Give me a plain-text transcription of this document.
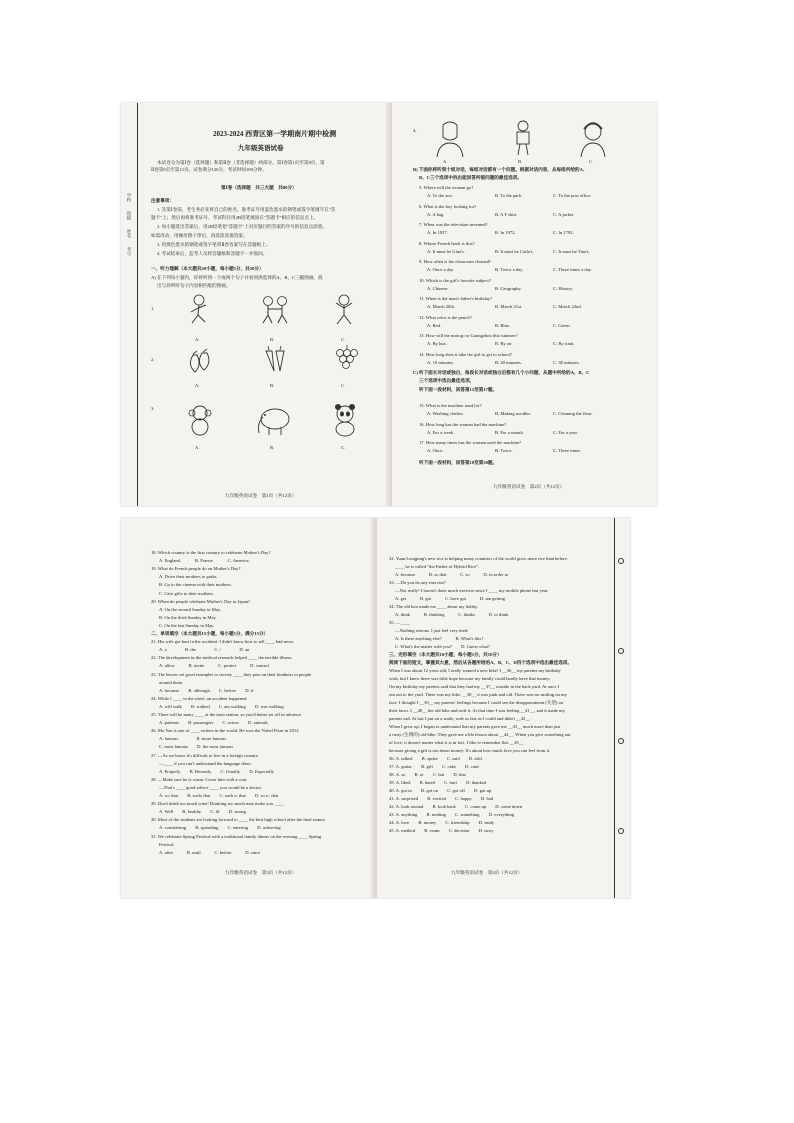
学校　　班级　　姓名　　考号
2023-2024 西青区第一学期南片期中检测
九年级英语试卷
本试卷分为第Ⅰ卷（选择题）和第Ⅱ卷（非选择题）两部分。第Ⅰ卷第1页至第8页，第
Ⅱ卷第9页至第12页。试卷满分120分。考试时间100分钟。
第Ⅰ卷（选择题　共三大题　共80分）
注意事项：
1. 答第Ⅰ卷前，考生务必先将自己的姓名、准考证号用蓝色墨水的钢笔或签字笔填写在"答
题卡"上；然后再将准考证号、考试科目用2B铅笔填涂在"答题卡"相应的信息点上。
2. 每小题选出答案后，用2B铅笔把"答题卡"上对应题目的答案的序号的信息点涂黑。
如需改动，用橡皮擦干净后，再选涂其他答案。
3. 用黑色墨水的钢笔或签字笔将Ⅱ卷答案写在答题纸上。
4. 考试结束后，监考人员将答题纸和答题卡一并收回。
一、听力理解（本大题共20小题，每小题1分，共20分）
A) 在下列每小题内，你将听到一个或两个句子并看到供选择的A、B、C三幅图画。找
出与你所听句子内容相匹配的图画。
1.
A.	B.	C.
2.
A.	B.	C.
3.
A.	B.	C.
九年级英语试卷　第1页（共12页）
4.
A.	B.	C.
B) 下面你将听到十组对话，每组对话都有一个问题。根据对话内容，从每组所给的A、
B、C三个选项中找出能回答所提问题的最佳选项。
5. Where will the woman go?
A. To the zoo.	B. To the park.	C. To the post office.
6. What is the boy looking for?
A. A bag.	B. A T-shirt.	C. A jacket.
7. When was the television invented?
A. In 1927.	B. In 1972.	C. In 1792.
8. Whose French book is this?
A. It must be Gina's.	B. It must be Carla's.	C. It must be Tina's.
9. How often is the classroom cleaned?
A. Once a day.	B. Twice a day.	C. Three times a day.
10. Which is the girl's favorite subject?
A. Chinese.	B. Geography.	C. History.
11. When is the man's father's birthday?
A. March 20th.	B. March 21st.	C. March 22nd.
12. What color is the pencil?
A. Red.	B. Blue.	C. Green.
13. How will the man go to Guangzhou this summer?
A. By bus.	B. By air.	C. By train.
14. How long does it take the girl to get to school?
A. 10 minutes.	B. 20 minutes.	C. 30 minutes.
C) 听下面长对话或独白，每段长对话或独白后都有几个小问题，从题中所给的A、B、C
三个选项中选出最佳选项。
听下面一段材料，回答第15至第17题。
15. What is the machine used for?
A. Washing clothes.	B. Making noodles.	C. Cleaning the floor.
16. How long has the woman had the machine?
A. For a week.	B. For a month.	C. For a year.
17. How many times has the woman used the machine?
A. Once.	B. Twice.	C. Three times.
听下面一段材料，回答第18至第20题。
九年级英语试卷　第2页（共12页）
18. Which country is the first country to celebrate Mother's Day?
A. England.　　　B. France.　　　C. America.
19. What do French people do on Mother's Day?
A. Drive their mothers to parks.
B. Go to the cinema with their mothers.
C. Give gifts to their mothers.
20. When do people celebrate Mother's Day in Japan?
A. On the second Sunday in May.
B. On the third Sunday in May.
C. On the last Sunday in May.
二、单项填空（本大题共15小题，每小题1分，满分15分）
21. His wife got hurt in the accident. I didn't know how to tell ____ bad news.
A. a　　　　B. the　　　　C. /　　　　D. an
22. The development in the medical research helped ____ the terrible illness.
A. allow　　　B. invite　　　C. protect　　　D. control
23. The heroes set good examples to society ____ they pass on their kindness to people
around them.
A. because　　B. although　　C. before　　D. if
24. While I ____ in the street, an accident happened.
A. will walk　　B. walked　　C. am walking　　D. was walking
25. There will be many ____ at the train station, so you'd better set off in advance.
A. patients　　B. passengers　　C. actors　　D. animals
26. Mo Yan is one of ____ writers in the world. He won the Nobel Prize in 2012.
A. famous　　　　B. more famous
C. most famous　　D. the most famous
27. —As we know it's difficult to live in a foreign country.
—____ if you can't understand the language there.
A. Properly　　B. Recently　　C. Usually　　D. Especially
28. —Make sure he is warm. Cover him with a coat.
—That's ____ good advice ____ you would be a doctor.
A. so; that　　B. such; that　　C. such a; that　　D. so a ; that
29. Don't drink too much wine! Drinking too much may make you ____.
A. Well　　B. healthy　　C. ill　　D. strong
30. Most of the students are looking forward to ____ the best high school after the final exams.
A. considering　　B. spreading　　C. entering　　D. achieving
31. We celebrate Spring Festival with a traditional family dinner on the evening ____ Spring
Festival.
A. after　　　B. until　　　C. before　　　D. since
32. Yuan Longping's new rice is helping many countries of the world grow more rice than before.
____ he is called "the Father of Hybrid Rice".
A. because　　　B. so that　　　C. so　　　D. in order to
33. —Do you do any exercise?
—Not really! I haven't done much exercise since I ____ my mobile phone last year.
A. get　　　B. got　　　C. have got　　　D. am getting
34. The old box made me ____ about my hobby.
A. think　　　B. thinking　　　C. thinks　　　D. to think
35. —____
—Nothing serious. I just feel very tired.
A. Is there anything else?　　　B. What's this?
C. What's the matter with you?　　D. Guess what?
三、完形填空（本大题共10小题，每小题1分，共10分）
阅读下面的短文，掌握其大意，然后从各题所给的A、B、C、D四个选项中选出最佳选项。
When I was about 12 years old, I really wanted a new bike! I __36__ my parents my birthday
wish, but I knew there was little hope because my family could hardly have that money.
On my birthday my parents said that they had my __37__ outside in the back yard. At once I
ran out to the yard. There was my bike, __38__ it was pink and old. There was no smiling on my
face. I thought I __39__ my parents' feelings because I could see the disappointment (失望) on
their faces. I __40__ the old bike and rode it. At that time I was feeling __41__, and it made my
parents sad. At last I put on a smile, rode as fast as I could and didn't __42__.
When I grew up, I began to understand that my parents gave me __43__ much more than just
a rusty (生锈的) old bike. They gave me a life lesson about __44__. When you give something out
of love, it doesn't matter what it is in fact. I like to remember this __45__
because giving a gift is not about money. It's about how much love you can feel from it.
36. A. talked　　B. spoke　　C. said　　D. told
37. A. guitar　　B. gift　　C. cake　　D. card
38. A. so　　B. or　　C. but　　D. that
39. A. liked　　B. hated　　C. hurt　　D. thanked
40. A. got in　　B. got on　　C. got off　　D. got up
41. A. surprised　　B. excited　　C. happy　　D. bad
42. A. look around　　B. look back　　C. come up　　D. come down
43. A. anything　　B. nothing　　C. something　　D. everything
44. A. love　　B. money　　C. friendship　　D. study
45. A. method　　B. exam　　C. decision　　D. story
九年级英语试卷　第3页（共12页）	九年级英语试卷　第4页（共12页）
